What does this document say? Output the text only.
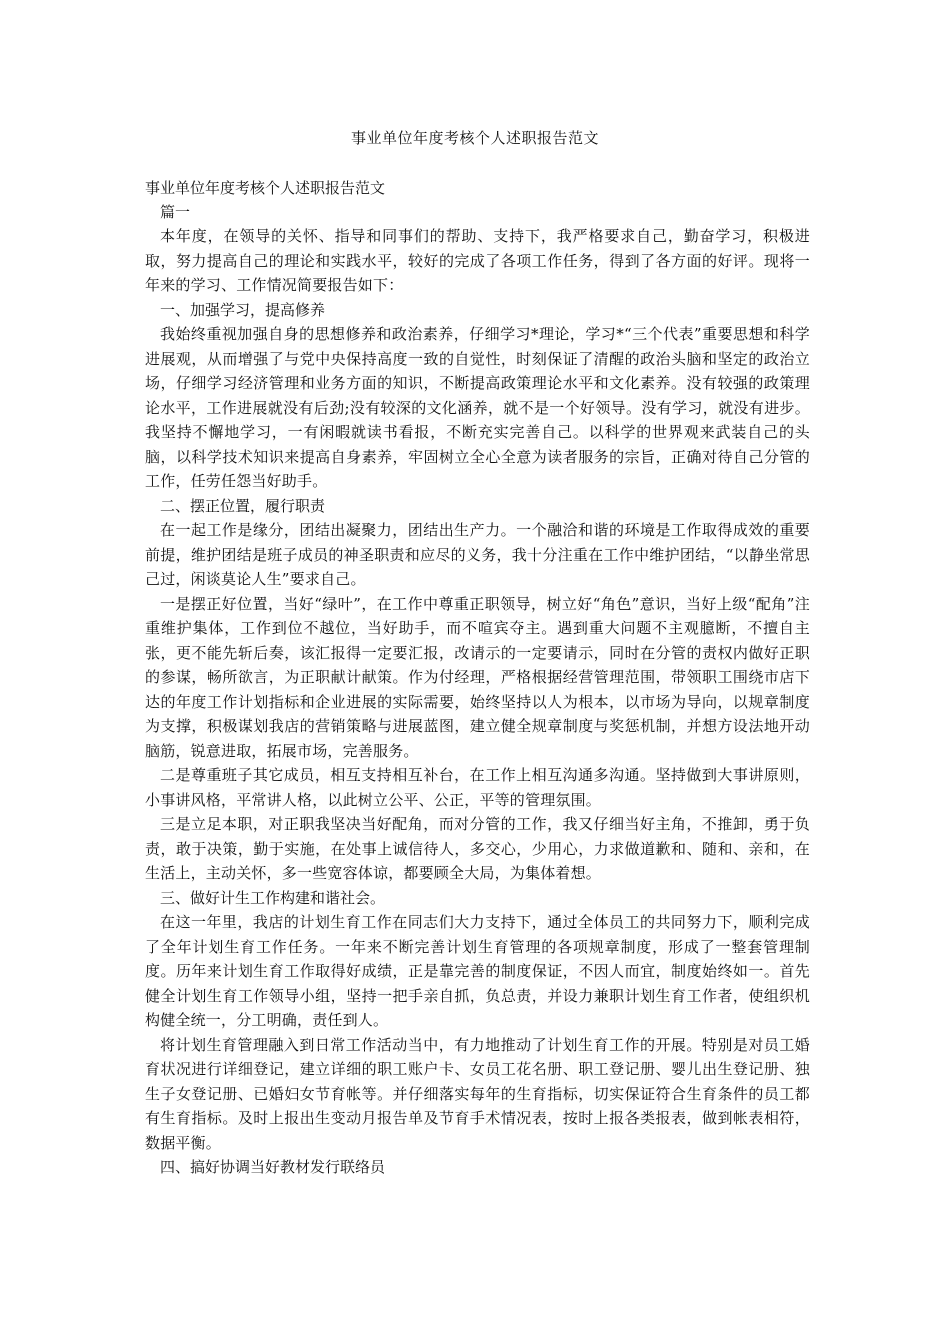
事业单位年度考核个人述职报告范文
事业单位年度考核个人述职报告范文
篇一
本年度，在领导的关怀、指导和同事们的帮助、支持下，我严格要求自己，勤奋学习，积极进取，努力提高自己的理论和实践水平，较好的完成了各项工作任务，得到了各方面的好评。现将一年来的学习、工作情况简要报告如下：
一、加强学习，提高修养
我始终重视加强自身的思想修养和政治素养，仔细学习*理论，学习*“三个代表”重要思想和科学进展观，从而增强了与党中央保持高度一致的自觉性，时刻保证了清醒的政治头脑和坚定的政治立场，仔细学习经济管理和业务方面的知识，不断提高政策理论水平和文化素养。没有较强的政策理论水平，工作进展就没有后劲;没有较深的文化涵养，就不是一个好领导。没有学习，就没有进步。我坚持不懈地学习，一有闲暇就读书看报，不断充实完善自己。以科学的世界观来武装自己的头脑，以科学技术知识来提高自身素养，牢固树立全心全意为读者服务的宗旨，正确对待自己分管的工作，任劳任怨当好助手。
二、摆正位置，履行职责
在一起工作是缘分，团结出凝聚力，团结出生产力。一个融洽和谐的环境是工作取得成效的重要前提，维护团结是班子成员的神圣职责和应尽的义务，我十分注重在工作中维护团结，“以静坐常思己过，闲谈莫论人生”要求自己。
一是摆正好位置，当好“绿叶”，在工作中尊重正职领导，树立好“角色”意识，当好上级“配角”注重维护集体，工作到位不越位，当好助手，而不喧宾夺主。遇到重大问题不主观臆断，不擅自主张，更不能先斩后奏，该汇报得一定要汇报，改请示的一定要请示，同时在分管的责权内做好正职的参谋，畅所欲言，为正职献计献策。作为付经理，严格根据经营管理范围，带领职工围绕市店下达的年度工作计划指标和企业进展的实际需要，始终坚持以人为根本，以市场为导向，以规章制度为支撑，积极谋划我店的营销策略与进展蓝图，建立健全规章制度与奖惩机制，并想方设法地开动脑筋，锐意进取，拓展市场，完善服务。
二是尊重班子其它成员，相互支持相互补台，在工作上相互沟通多沟通。坚持做到大事讲原则，小事讲风格，平常讲人格，以此树立公平、公正，平等的管理氛围。
三是立足本职，对正职我坚决当好配角，而对分管的工作，我又仔细当好主角，不推卸，勇于负责，敢于决策，勤于实施，在处事上诚信待人，多交心，少用心，力求做道歉和、随和、亲和，在生活上，主动关怀，多一些宽容体谅，都要顾全大局，为集体着想。
三、做好计生工作构建和谐社会。
在这一年里，我店的计划生育工作在同志们大力支持下，通过全体员工的共同努力下，顺利完成了全年计划生育工作任务。一年来不断完善计划生育管理的各项规章制度，形成了一整套管理制度。历年来计划生育工作取得好成绩，正是靠完善的制度保证，不因人而宜，制度始终如一。首先健全计划生育工作领导小组，坚持一把手亲自抓，负总责，并设力兼职计划生育工作者，使组织机构健全统一，分工明确，责任到人。
将计划生育管理融入到日常工作活动当中，有力地推动了计划生育工作的开展。特别是对员工婚育状况进行详细登记，建立详细的职工账户卡、女员工花名册、职工登记册、婴儿出生登记册、独生子女登记册、已婚妇女节育帐等。并仔细落实每年的生育指标，切实保证符合生育条件的员工都有生育指标。及时上报出生变动月报告单及节育手术情况表，按时上报各类报表，做到帐表相符，数据平衡。
四、搞好协调当好教材发行联络员
